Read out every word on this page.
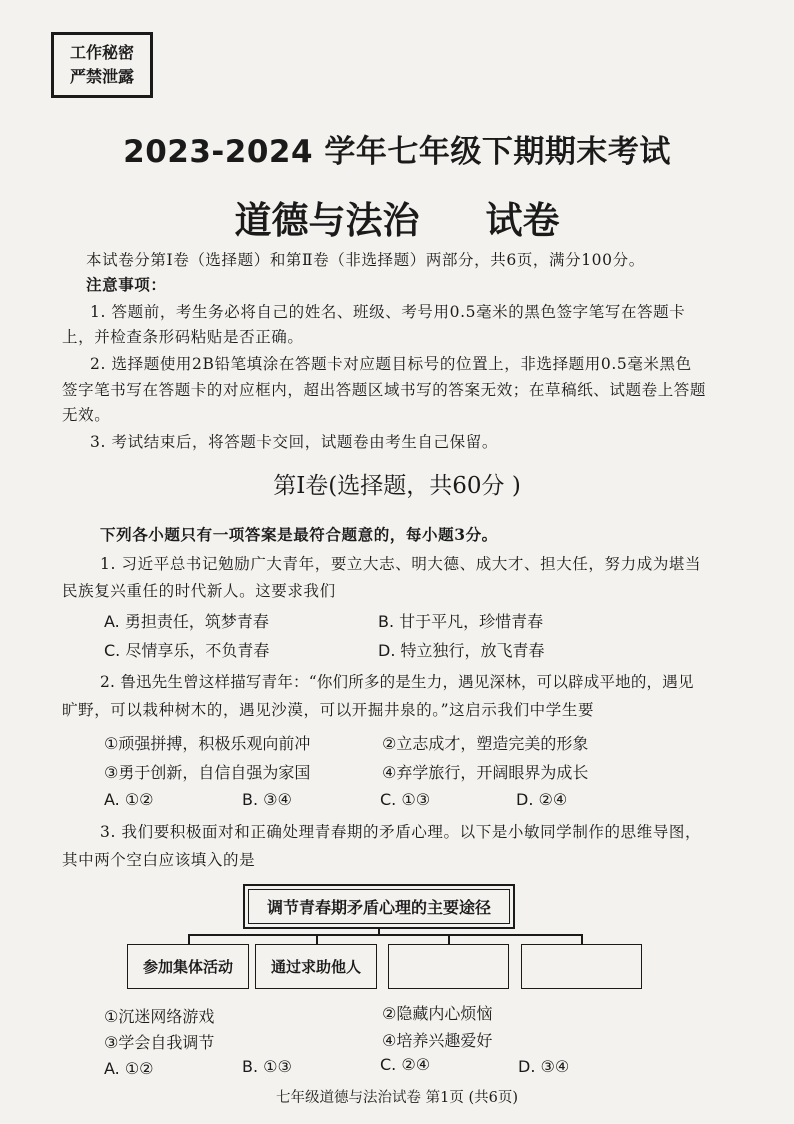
工作秘密
严禁泄露
2023-2024 学年七年级下期期末考试
道德与法治 试卷
本试卷分第Ⅰ卷（选择题）和第Ⅱ卷（非选择题）两部分，共6页，满分100分。
注意事项：
1. 答题前，考生务必将自己的姓名、班级、考号用0.5毫米的黑色签字笔写在答题卡
上，并检查条形码粘贴是否正确。
2. 选择题使用2B铅笔填涂在答题卡对应题目标号的位置上，非选择题用0.5毫米黑色
签字笔书写在答题卡的对应框内，超出答题区域书写的答案无效；在草稿纸、试题卷上答题
无效。
3. 考试结束后，将答题卡交回，试题卷由考生自己保留。
第Ⅰ卷(选择题，共60分 )
下列各小题只有一项答案是最符合题意的，每小题3分。
1. 习近平总书记勉励广大青年，要立大志、明大德、成大才、担大任，努力成为堪当
民族复兴重任的时代新人。这要求我们
A. 勇担责任，筑梦青春	B. 甘于平凡，珍惜青春
C. 尽情享乐，不负青春	D. 特立独行，放飞青春
2. 鲁迅先生曾这样描写青年：“你们所多的是生力，遇见深林，可以辟成平地的，遇见
旷野，可以栽种树木的，遇见沙漠，可以开掘井泉的。”这启示我们中学生要
①顽强拼搏，积极乐观向前冲	②立志成才，塑造完美的形象
③勇于创新，自信自强为家国	④弃学旅行，开阔眼界为成长
A. ①②	B. ③④	C. ①③	D. ②④
3. 我们要积极面对和正确处理青春期的矛盾心理。以下是小敏同学制作的思维导图，
其中两个空白应该填入的是
调节青春期矛盾心理的主要途径
参加集体活动	通过求助他人
①沉迷网络游戏	②隐藏内心烦恼
③学会自我调节	④培养兴趣爱好
A. ①②	B. ①③	C. ②④	D. ③④
七年级道德与法治试卷 第1页 (共6页)
